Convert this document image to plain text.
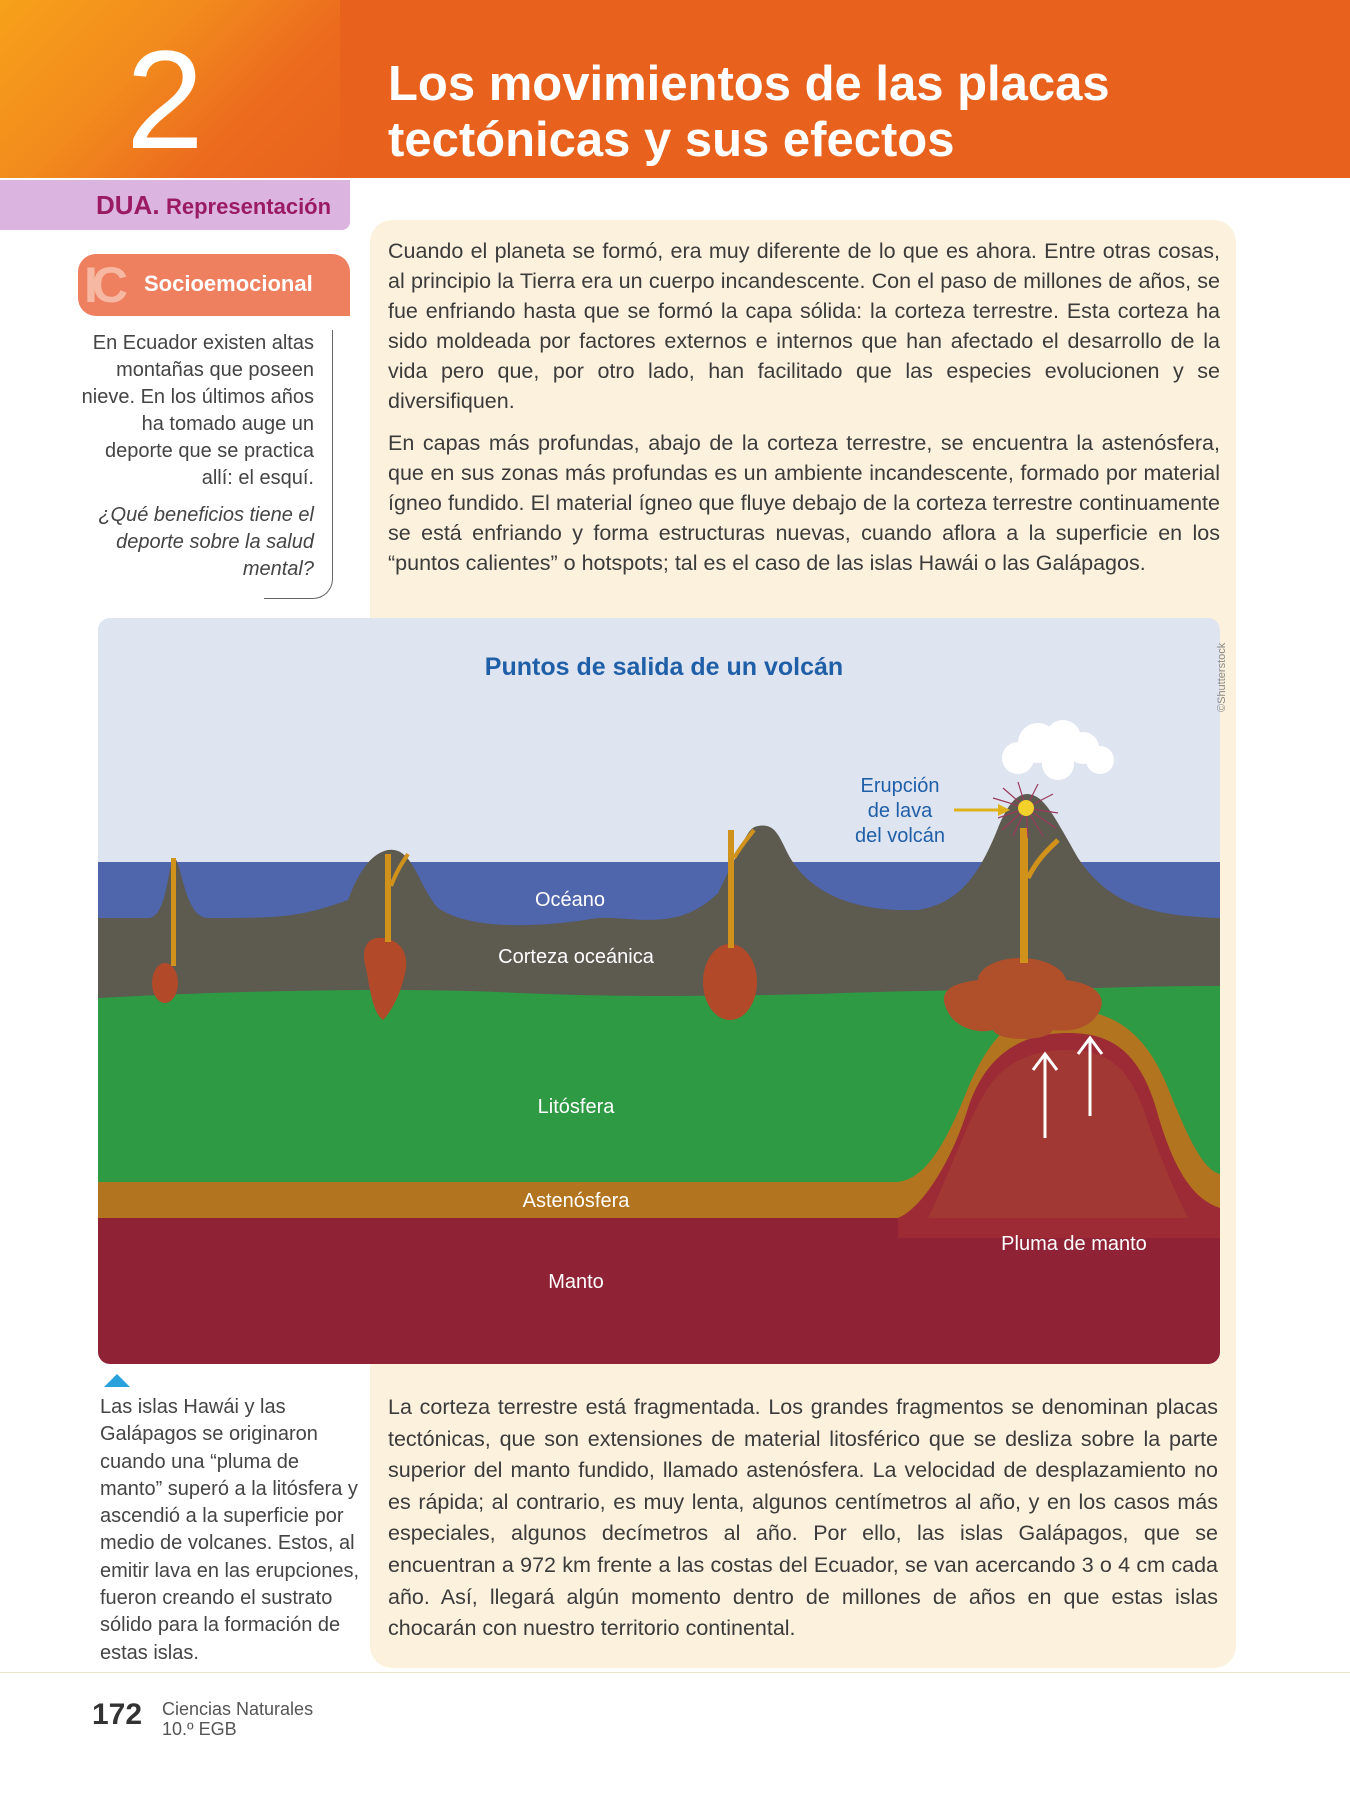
2	Los movimientos de las placas
tectónicas y sus efectos
DUA. Representación
IC Socioemocional
En Ecuador existen altas montañas que poseen nieve. En los últimos años ha tomado auge un deporte que se practica allí: el esquí.
¿Qué beneficios tiene el deporte sobre la salud mental?

Cuando el planeta se formó, era muy diferente de lo que es ahora. Entre otras cosas, al principio la Tierra era un cuerpo incandescente. Con el paso de millones de años, se fue enfriando hasta que se formó la capa sólida: la corteza terrestre. Esta corteza ha sido moldeada por factores externos e internos que han afectado el desarrollo de la vida pero que, por otro lado, han facilitado que las especies evolucionen y se diversifiquen.

En capas más profundas, abajo de la corteza terrestre, se encuentra la astenósfera, que en sus zonas más profundas es un ambiente incandescente, formado por material ígneo fundido. El material ígneo que fluye debajo de la corteza terrestre continuamente se está enfriando y forma estructuras nuevas, cuando aflora a la superficie en los “puntos calientes” o hotspots; tal es el caso de las islas Hawái o las Galápagos.

Puntos de salida de un volcán
Erupción
de lava
del volcán
Océano
Corteza oceánica
Litósfera
Astenósfera
Manto
Pluma de manto
©Shutterstock
Las islas Hawái y las Galápagos se originaron cuando una “pluma de manto” superó a la litósfera y ascendió a la superficie por medio de volcanes. Estos, al emitir lava en las erupciones, fueron creando el sustrato sólido para la formación de estas islas.

La corteza terrestre está fragmentada. Los grandes fragmentos se denominan placas tectónicas, que son extensiones de material litosférico que se desliza sobre la parte superior del manto fundido, llamado astenósfera. La velocidad de desplazamiento no es rápida; al contrario, es muy lenta, algunos centímetros al año, y en los casos más especiales, algunos decímetros al año. Por ello, las islas Galápagos, que se encuentran a 972 km frente a las costas del Ecuador, se van acercando 3 o 4 cm cada año. Así, llegará algún momento dentro de millones de años en que estas islas chocarán con nuestro territorio continental.

172 Ciencias Naturales
10.º EGB
